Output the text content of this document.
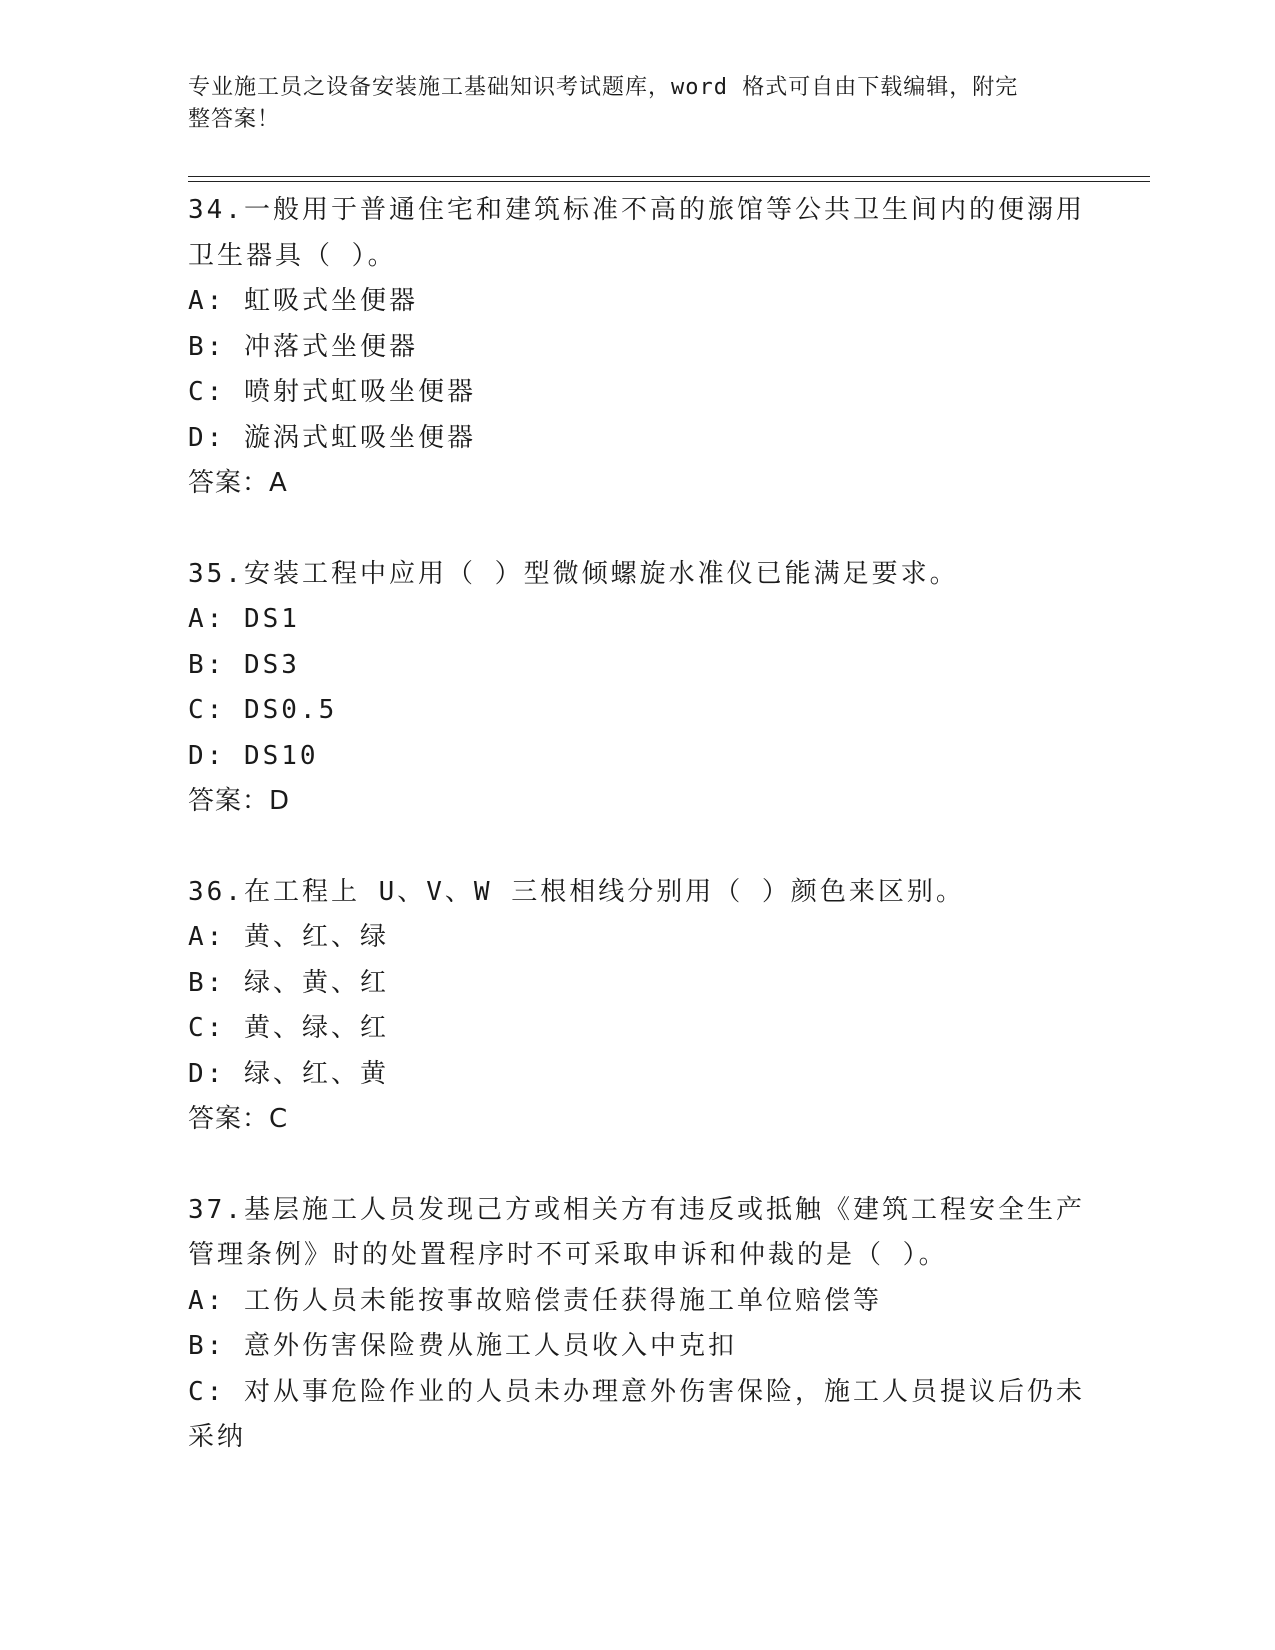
专业施工员之设备安装施工基础知识考试题库，word 格式可自由下载编辑，附完
整答案！
34.一般用于普通住宅和建筑标准不高的旅馆等公共卫生间内的便溺用
卫生器具（ ）。
A: 虹吸式坐便器
B: 冲落式坐便器
C: 喷射式虹吸坐便器
D: 漩涡式虹吸坐便器
答案：A
35.安装工程中应用（ ）型微倾螺旋水准仪已能满足要求。
A: DS1
B: DS3
C: DS0.5
D: DS10
答案：D
36.在工程上 U、V、W 三根相线分别用（ ）颜色来区别。
A: 黄、红、绿
B: 绿、黄、红
C: 黄、绿、红
D: 绿、红、黄
答案：C
37.基层施工人员发现己方或相关方有违反或抵触《建筑工程安全生产
管理条例》时的处置程序时不可采取申诉和仲裁的是（ ）。
A: 工伤人员未能按事故赔偿责任获得施工单位赔偿等
B: 意外伤害保险费从施工人员收入中克扣
C: 对从事危险作业的人员未办理意外伤害保险，施工人员提议后仍未
采纳
